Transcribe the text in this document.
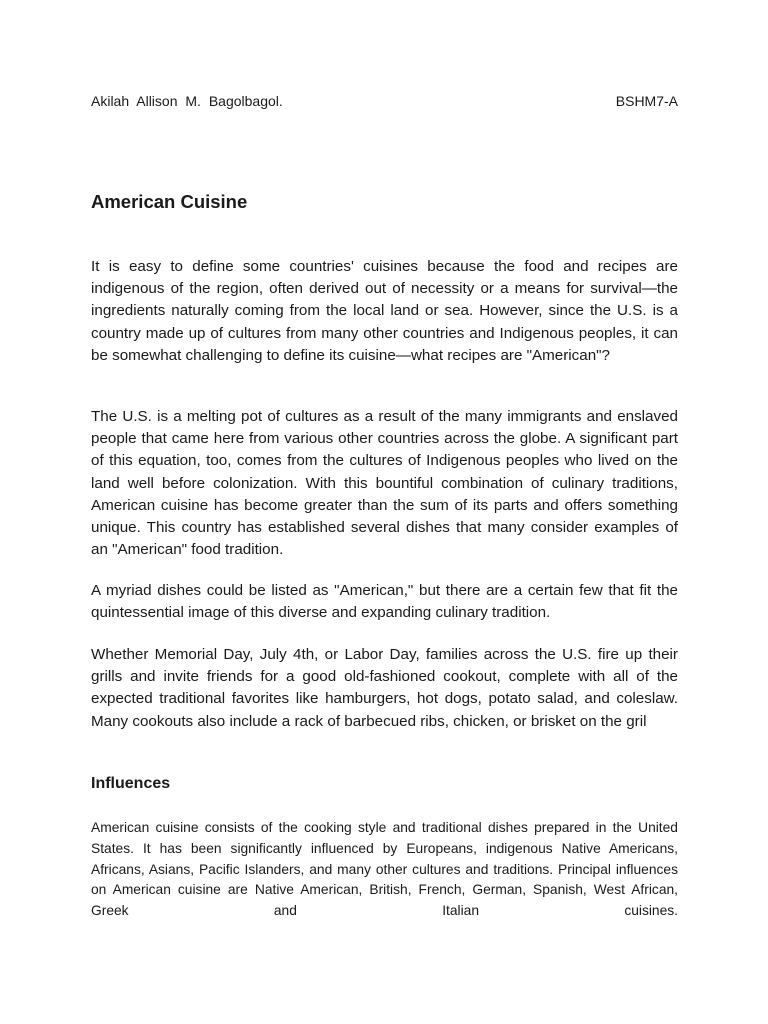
Akilah Allison M. Bagolbagol.	BSHM7-A
American Cuisine

It is easy to define some countries' cuisines because the food and recipes are indigenous of the region, often derived out of necessity or a means for survival—the ingredients naturally coming from the local land or sea. However, since the U.S. is a country made up of cultures from many other countries and Indigenous peoples, it can be somewhat challenging to define its cuisine—what recipes are "American"?

The U.S. is a melting pot of cultures as a result of the many immigrants and enslaved people that came here from various other countries across the globe. A significant part of this equation, too, comes from the cultures of Indigenous peoples who lived on the land well before colonization. With this bountiful combination of culinary traditions, American cuisine has become greater than the sum of its parts and offers something unique. This country has established several dishes that many consider examples of an "American" food tradition.

A myriad dishes could be listed as "American," but there are a certain few that fit the quintessential image of this diverse and expanding culinary tradition.

Whether Memorial Day, July 4th, or Labor Day, families across the U.S. fire up their grills and invite friends for a good old-fashioned cookout, complete with all of the expected traditional favorites like hamburgers, hot dogs, potato salad, and coleslaw. Many cookouts also include a rack of barbecued ribs, chicken, or brisket on the gril

Influences

American cuisine consists of the cooking style and traditional dishes prepared in the United States. It has been significantly influenced by Europeans, indigenous Native Americans, Africans, Asians, Pacific Islanders, and many other cultures and traditions. Principal influences on American cuisine are Native American, British, French, German, Spanish, West African, Greek and Italian cuisines.
